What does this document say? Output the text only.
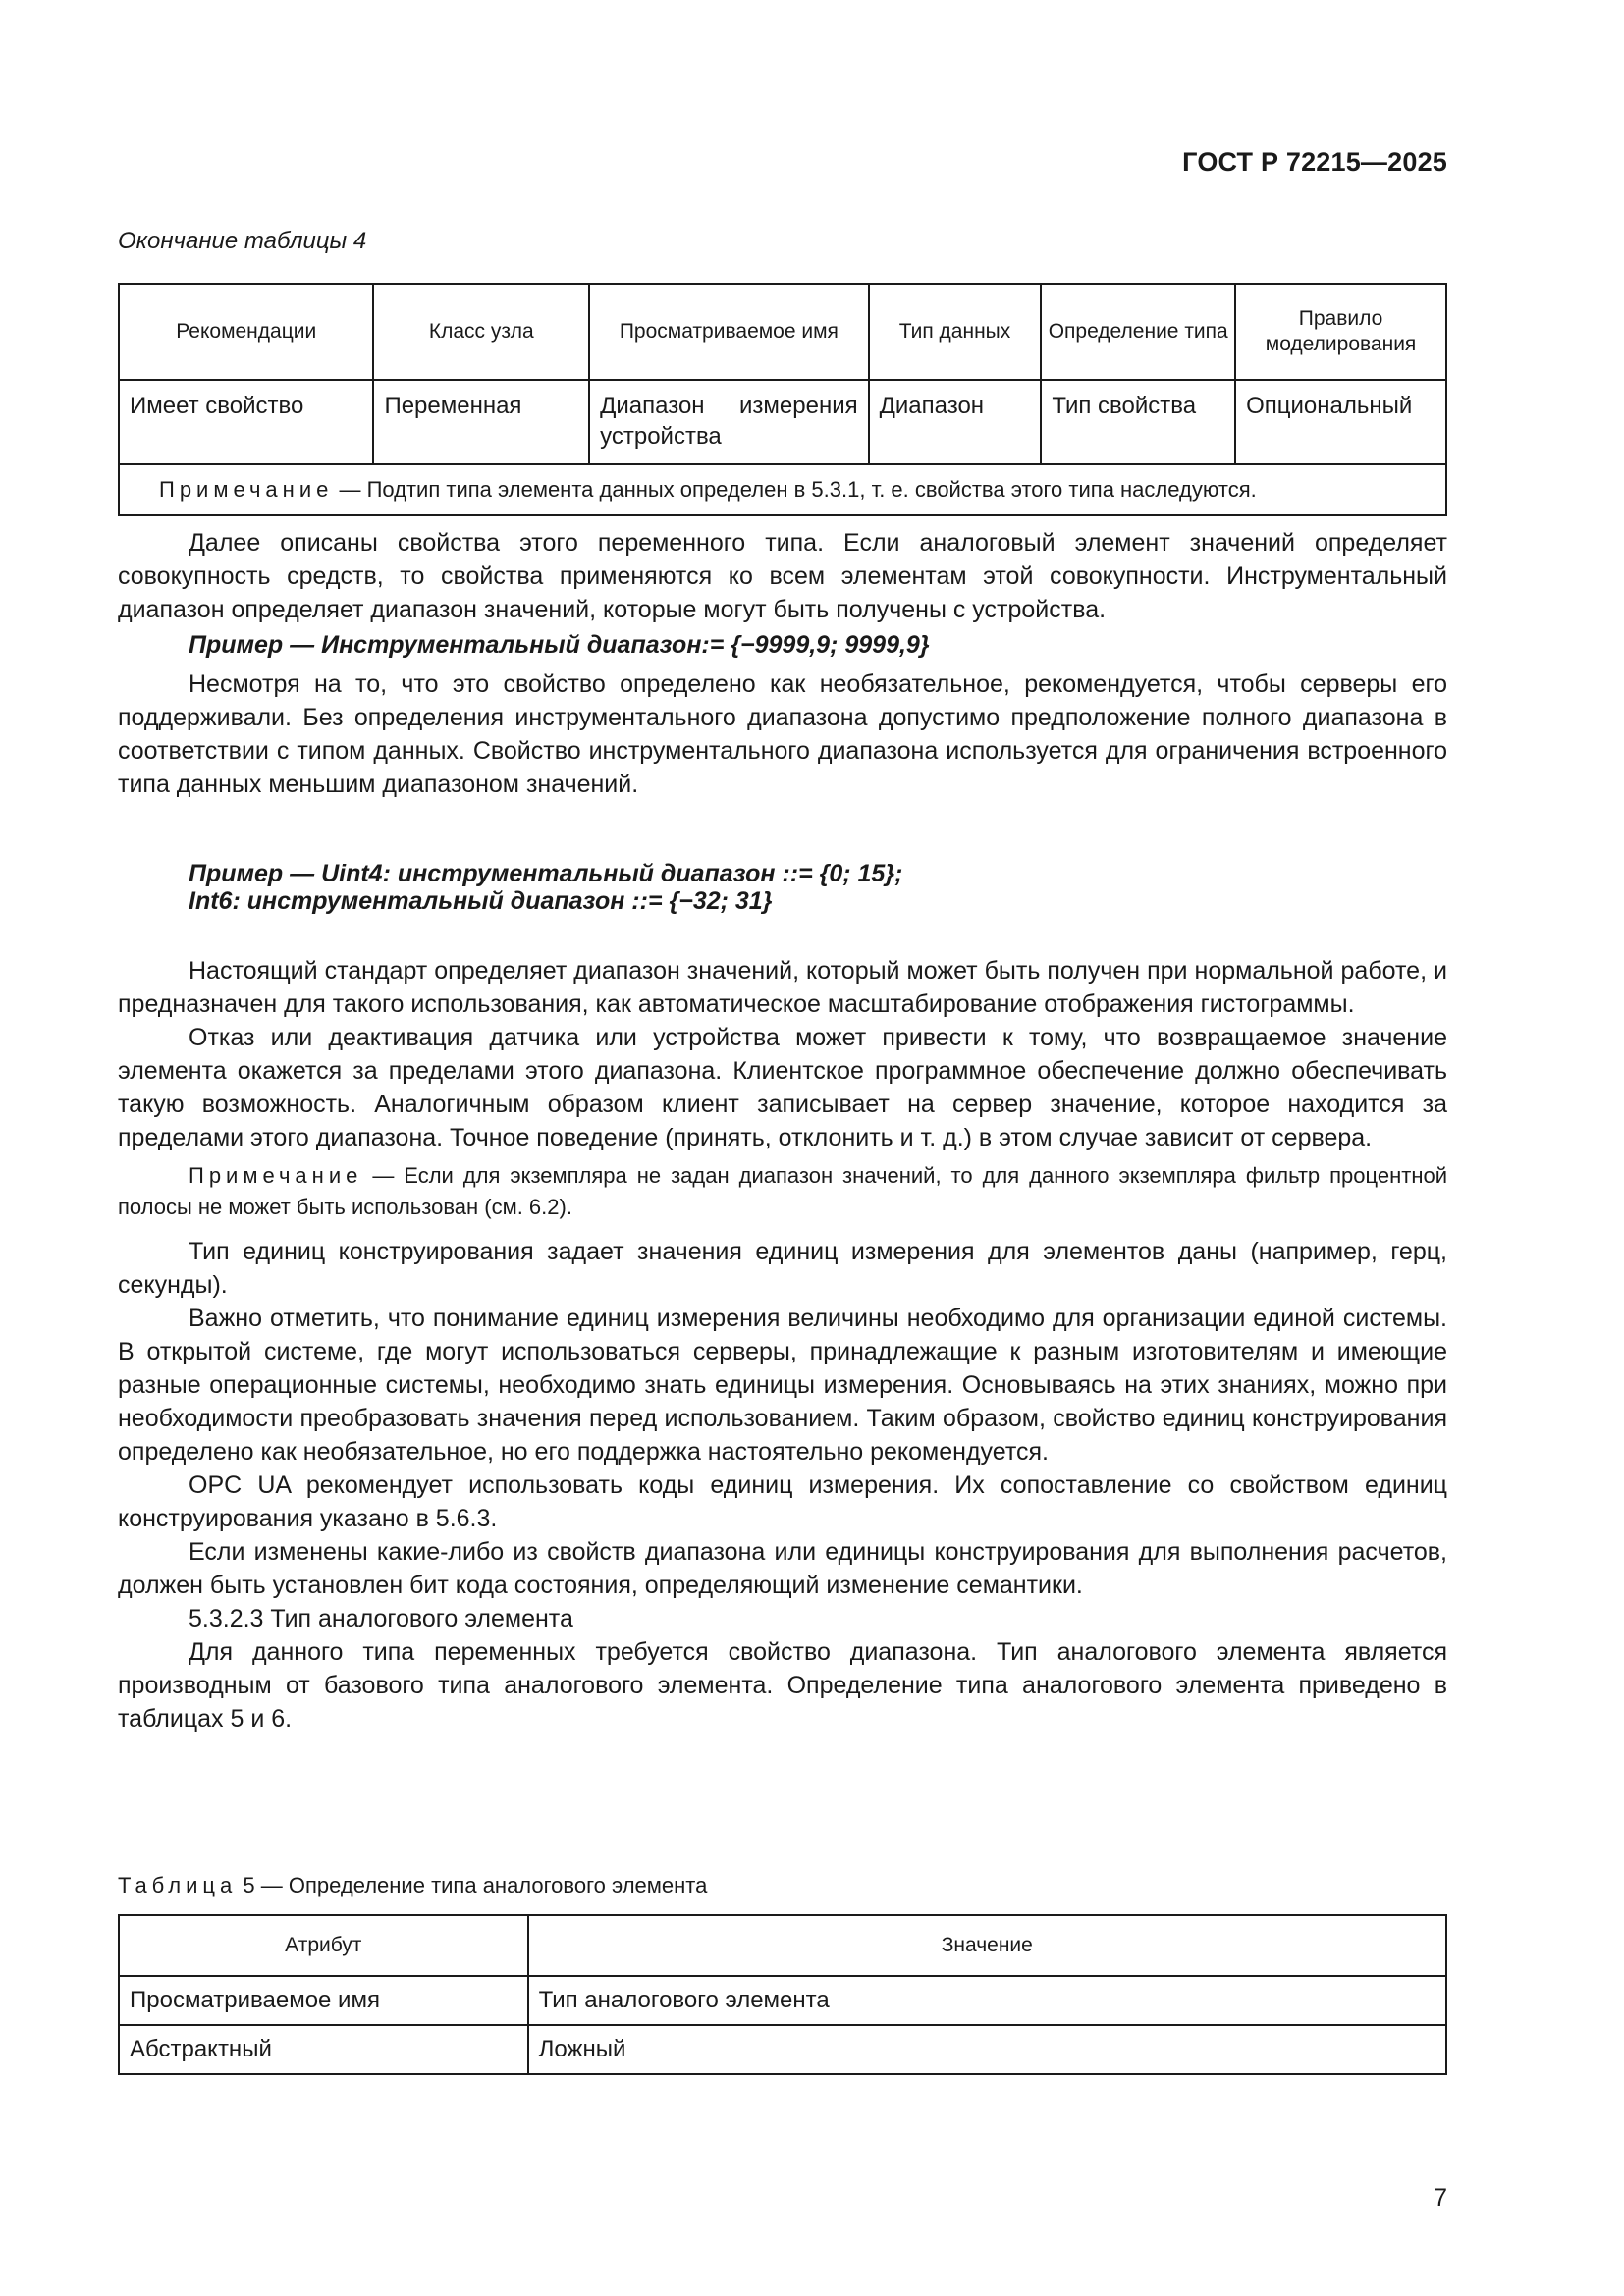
ГОСТ Р 72215—2025
Окончание таблицы 4
Рекомендации	Класс узла	Просматриваемое имя	Тип данных	Определение типа	Правило моделирования
Имеет свойство	Переменная	Диапазон измерения устройства	Диапазон	Тип свойства	Опциональный
Примечание — Подтип типа элемента данных определен в 5.3.1, т. е. свойства этого типа наследуются.					

Далее описаны свойства этого переменного типа. Если аналоговый элемент значений определяет совокупность средств, то свойства применяются ко всем элементам этой совокупности. Инструментальный диапазон определяет диапазон значений, которые могут быть получены с устройства.

Пример — Инструментальный диапазон:= {−9999,9; 9999,9}

Несмотря на то, что это свойство определено как необязательное, рекомендуется, чтобы серверы его поддерживали. Без определения инструментального диапазона допустимо предположение полного диапазона в соответствии с типом данных. Свойство инструментального диапазона используется для ограничения встроенного типа данных меньшим диапазоном значений.

Пример — Uint4: инструментальный диапазон ::= {0; 15};

Int6: инструментальный диапазон ::= {−32; 31}

Настоящий стандарт определяет диапазон значений, который может быть получен при нормальной работе, и предназначен для такого использования, как автоматическое масштабирование отображения гистограммы.

Отказ или деактивация датчика или устройства может привести к тому, что возвращаемое значение элемента окажется за пределами этого диапазона. Клиентское программное обеспечение должно обеспечивать такую возможность. Аналогичным образом клиент записывает на сервер значение, которое находится за пределами этого диапазона. Точное поведение (принять, отклонить и т. д.) в этом случае зависит от сервера.

Примечание — Если для экземпляра не задан диапазон значений, то для данного экземпляра фильтр процентной полосы не может быть использован (см. 6.2).

Тип единиц конструирования задает значения единиц измерения для элементов даны (например, герц, секунды).

Важно отметить, что понимание единиц измерения величины необходимо для организации единой системы. В открытой системе, где могут использоваться серверы, принадлежащие к разным изготовителям и имеющие разные операционные системы, необходимо знать единицы измерения. Основываясь на этих знаниях, можно при необходимости преобразовать значения перед использованием. Таким образом, свойство единиц конструирования определено как необязательное, но его поддержка настоятельно рекомендуется.

OPC UA рекомендует использовать коды единиц измерения. Их сопоставление со свойством единиц конструирования указано в 5.6.3.

Если изменены какие-либо из свойств диапазона или единицы конструирования для выполнения расчетов, должен быть установлен бит кода состояния, определяющий изменение семантики.

5.3.2.3 Тип аналогового элемента

Для данного типа переменных требуется свойство диапазона. Тип аналогового элемента является производным от базового типа аналогового элемента. Определение типа аналогового элемента приведено в таблицах 5 и 6.

Таблица 5 — Определение типа аналогового элемента
Атрибут	Значение
Просматриваемое имя	Тип аналогового элемента
Абстрактный	Ложный
7
